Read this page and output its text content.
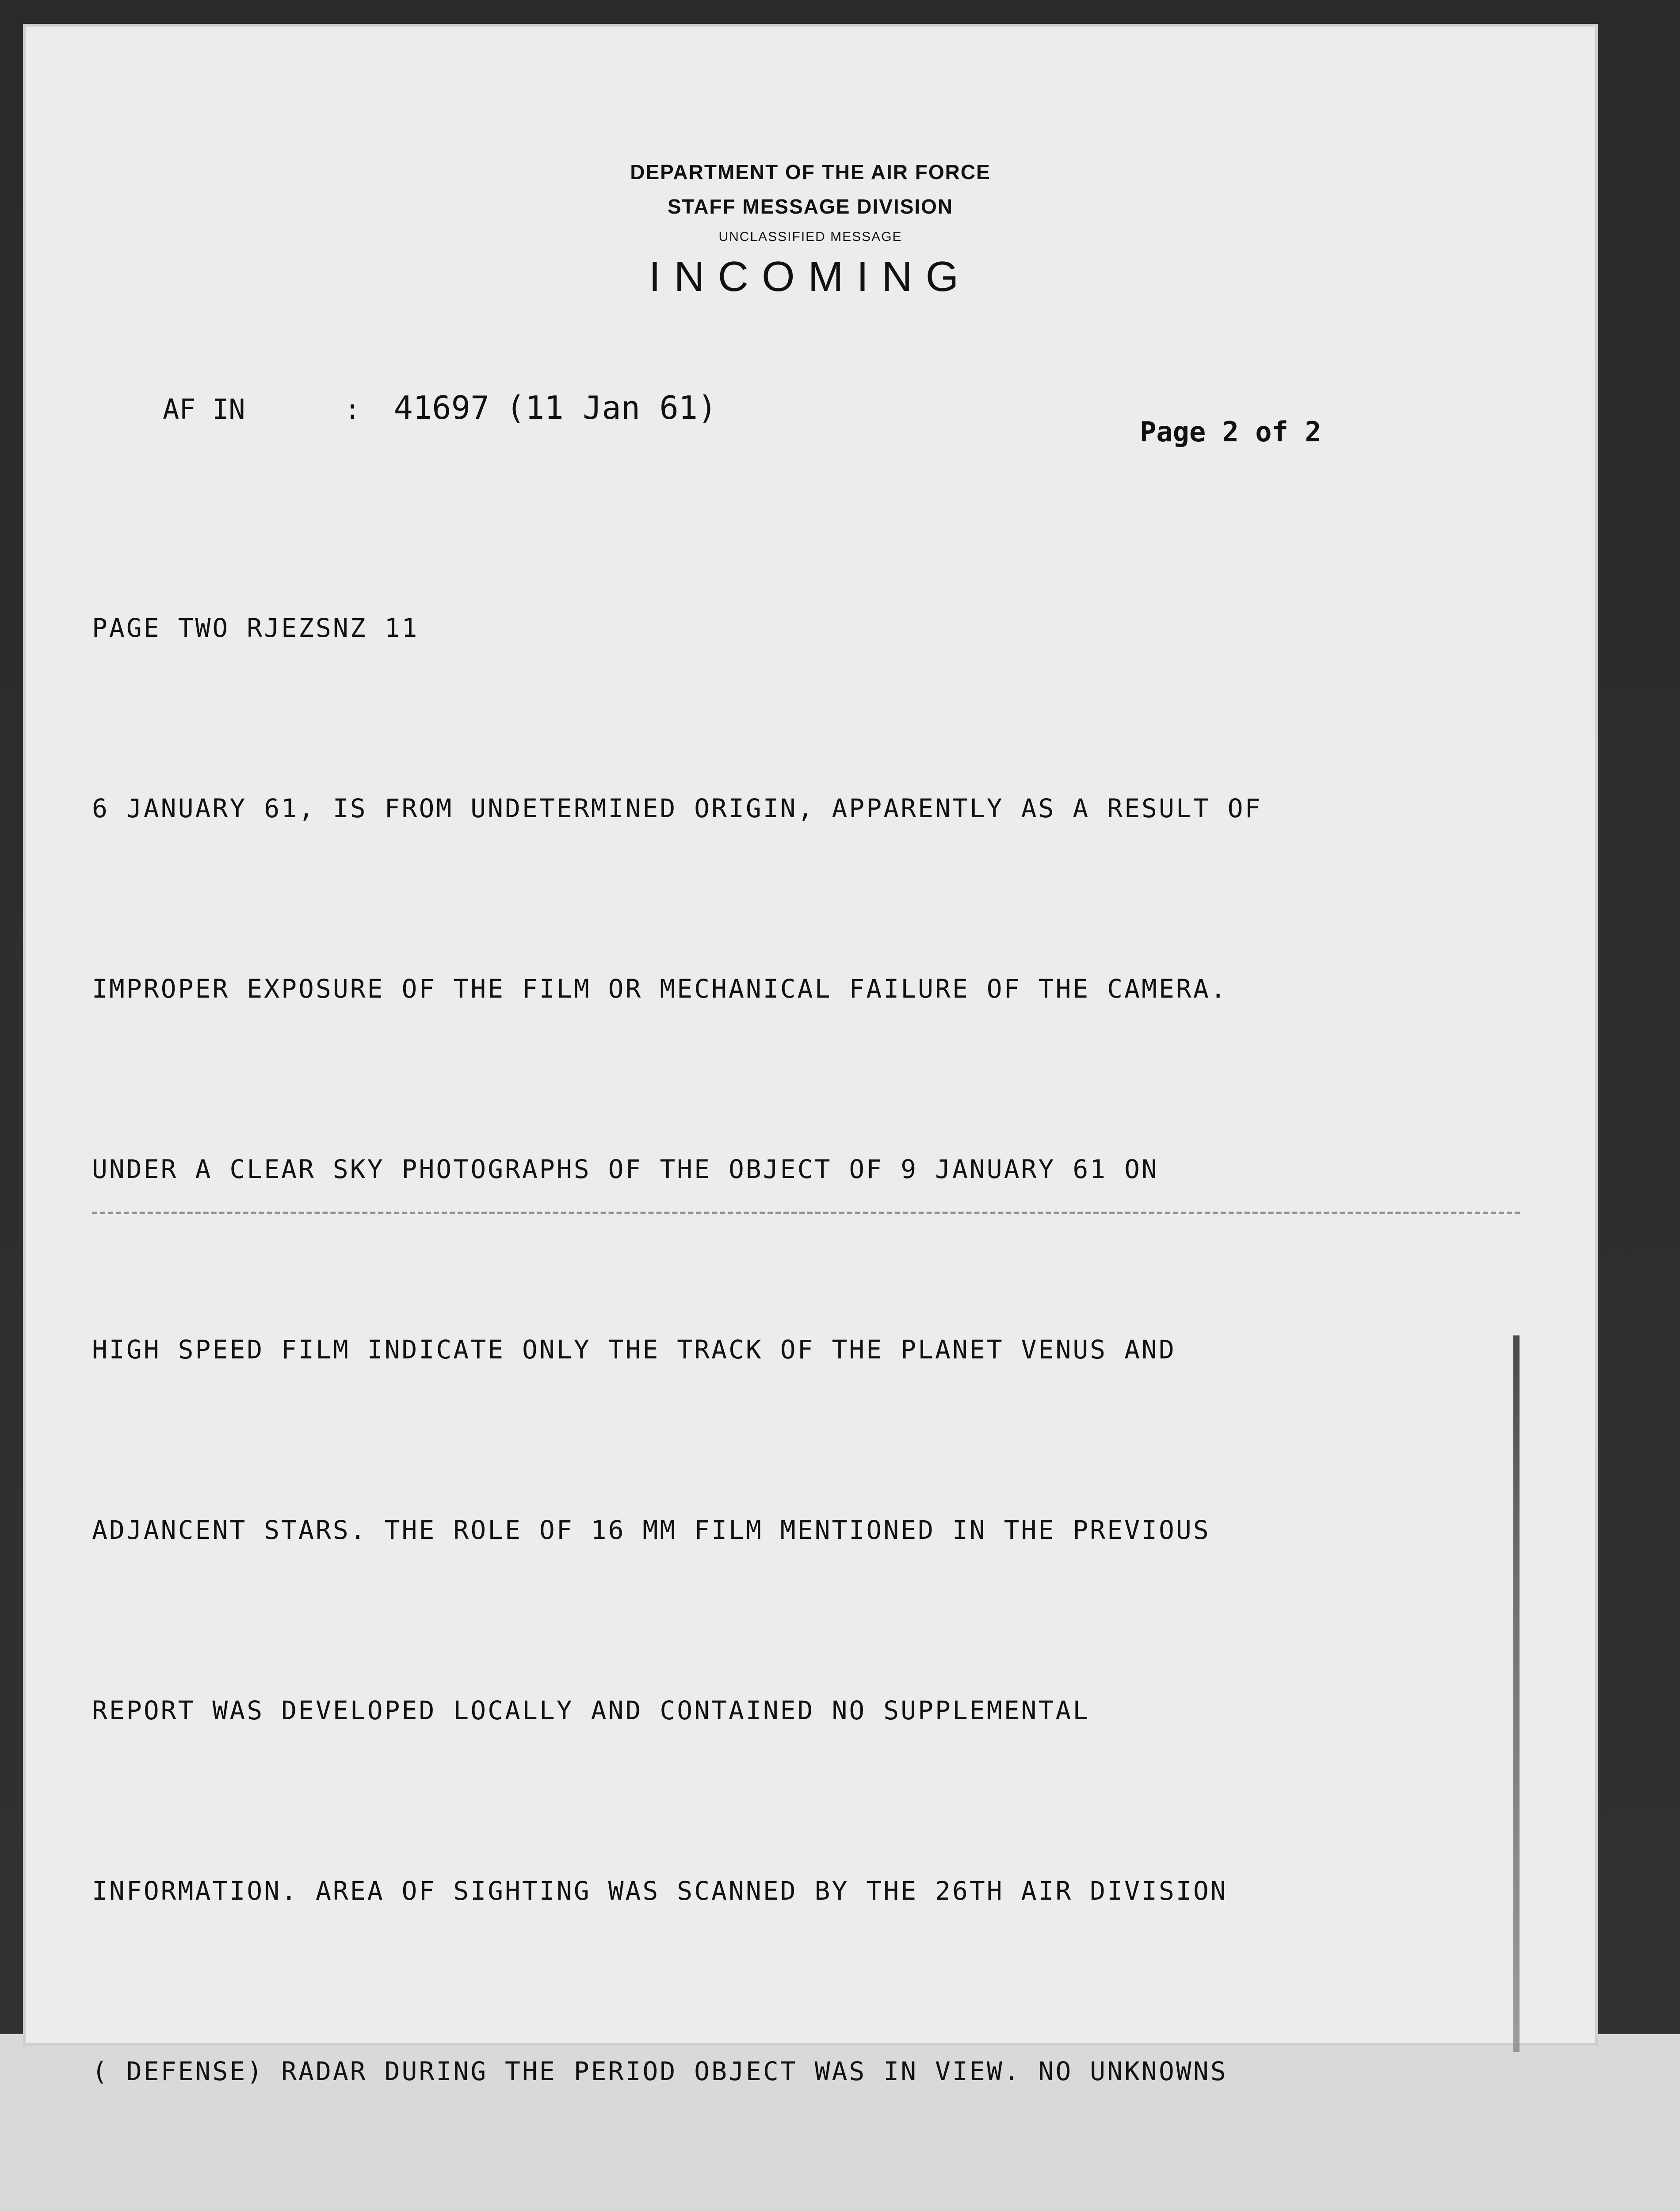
DEPARTMENT OF THE AIR FORCE
STAFF MESSAGE DIVISION
UNCLASSIFIED MESSAGE
INCOMING
AF IN	: 41697 (11 Jan 61)
Page 2 of 2

PAGE TWO RJEZSNZ 11

6 JANUARY 61, IS FROM UNDETERMINED ORIGIN, APPARENTLY AS A RESULT OF

IMPROPER EXPOSURE OF THE FILM OR MECHANICAL FAILURE OF THE CAMERA.

UNDER A CLEAR SKY PHOTOGRAPHS OF THE OBJECT OF 9 JANUARY 61 ON

HIGH SPEED FILM INDICATE ONLY THE TRACK OF THE PLANET VENUS AND

ADJANCENT STARS. THE ROLE OF 16 MM FILM MENTIONED IN THE PREVIOUS

REPORT WAS DEVELOPED LOCALLY AND CONTAINED NO SUPPLEMENTAL

INFORMATION. AREA OF SIGHTING WAS SCANNED BY THE 26TH AIR DIVISION

( DEFENSE) RADAR DURING THE PERIOD OBJECT WAS IN VIEW. NO UNKNOWNS
